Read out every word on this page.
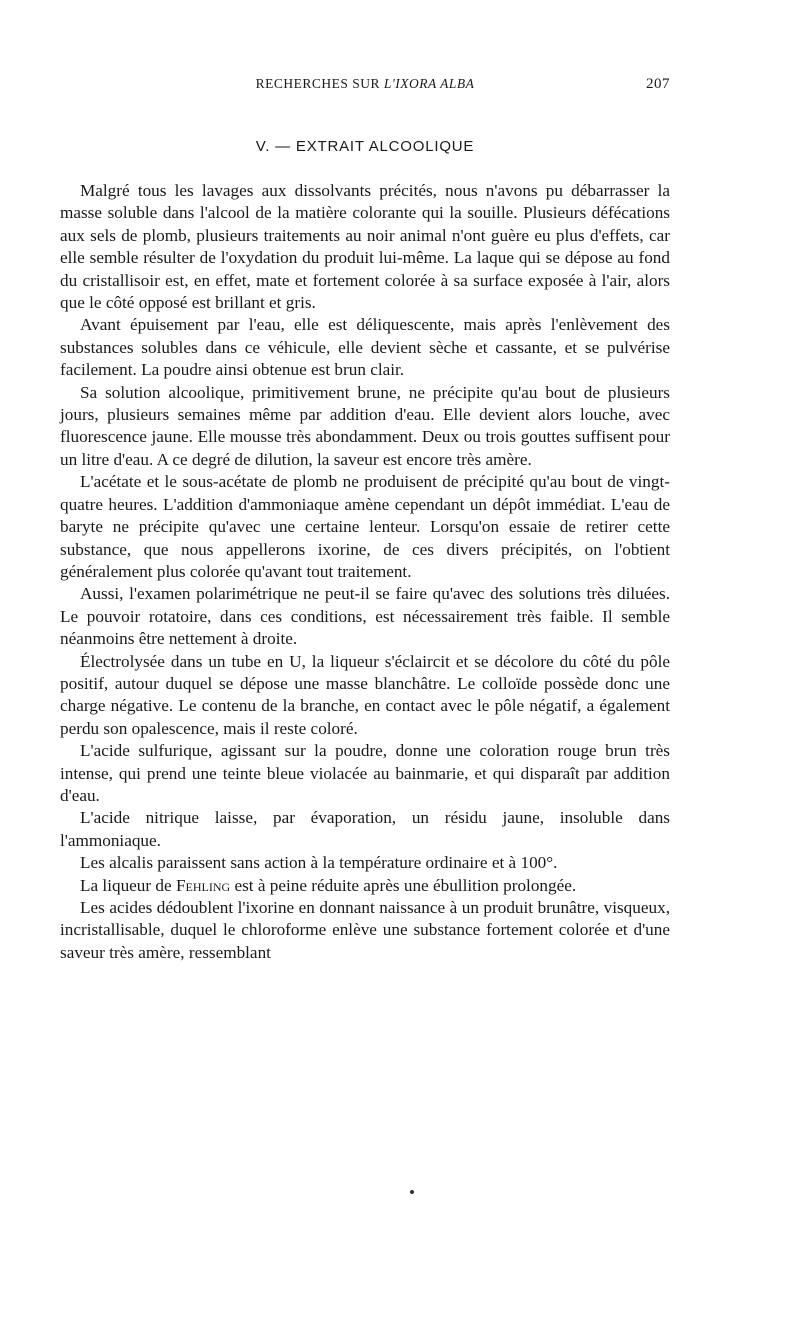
RECHERCHES SUR L'IXORA ALBA	207
V. — EXTRAIT ALCOOLIQUE

Malgré tous les lavages aux dissolvants précités, nous n'avons pu débarrasser la masse soluble dans l'alcool de la matière colorante qui la souille. Plusieurs défécations aux sels de plomb, plusieurs traitements au noir animal n'ont guère eu plus d'effets, car elle semble résulter de l'oxydation du produit lui-même. La laque qui se dépose au fond du cristallisoir est, en effet, mate et fortement colorée à sa surface exposée à l'air, alors que le côté opposé est brillant et gris.

Avant épuisement par l'eau, elle est déliquescente, mais après l'enlèvement des substances solubles dans ce véhicule, elle devient sèche et cassante, et se pulvérise facilement. La poudre ainsi obtenue est brun clair.

Sa solution alcoolique, primitivement brune, ne précipite qu'au bout de plusieurs jours, plusieurs semaines même par addition d'eau. Elle devient alors louche, avec fluorescence jaune. Elle mousse très abondamment. Deux ou trois gouttes suffisent pour un litre d'eau. A ce degré de dilution, la saveur est encore très amère.

L'acétate et le sous-acétate de plomb ne produisent de précipité qu'au bout de vingt-quatre heures. L'addition d'ammoniaque amène cependant un dépôt immédiat. L'eau de baryte ne précipite qu'avec une certaine lenteur. Lorsqu'on essaie de retirer cette substance, que nous appellerons ixorine, de ces divers précipités, on l'obtient généralement plus colorée qu'avant tout traitement.

Aussi, l'examen polarimétrique ne peut-il se faire qu'avec des solutions très diluées. Le pouvoir rotatoire, dans ces conditions, est nécessairement très faible. Il semble néanmoins être nettement à droite.

Électrolysée dans un tube en U, la liqueur s'éclaircit et se décolore du côté du pôle positif, autour duquel se dépose une masse blanchâtre. Le colloïde possède donc une charge négative. Le contenu de la branche, en contact avec le pôle négatif, a également perdu son opalescence, mais il reste coloré.

L'acide sulfurique, agissant sur la poudre, donne une coloration rouge brun très intense, qui prend une teinte bleue violacée au bainmarie, et qui disparaît par addition d'eau.

L'acide nitrique laisse, par évaporation, un résidu jaune, insoluble dans l'ammoniaque.

Les alcalis paraissent sans action à la température ordinaire et à 100°.

La liqueur de Fehling est à peine réduite après une ébullition prolongée.

Les acides dédoublent l'ixorine en donnant naissance à un produit brunâtre, visqueux, incristallisable, duquel le chloroforme enlève une substance fortement colorée et d'une saveur très amère, ressemblant
